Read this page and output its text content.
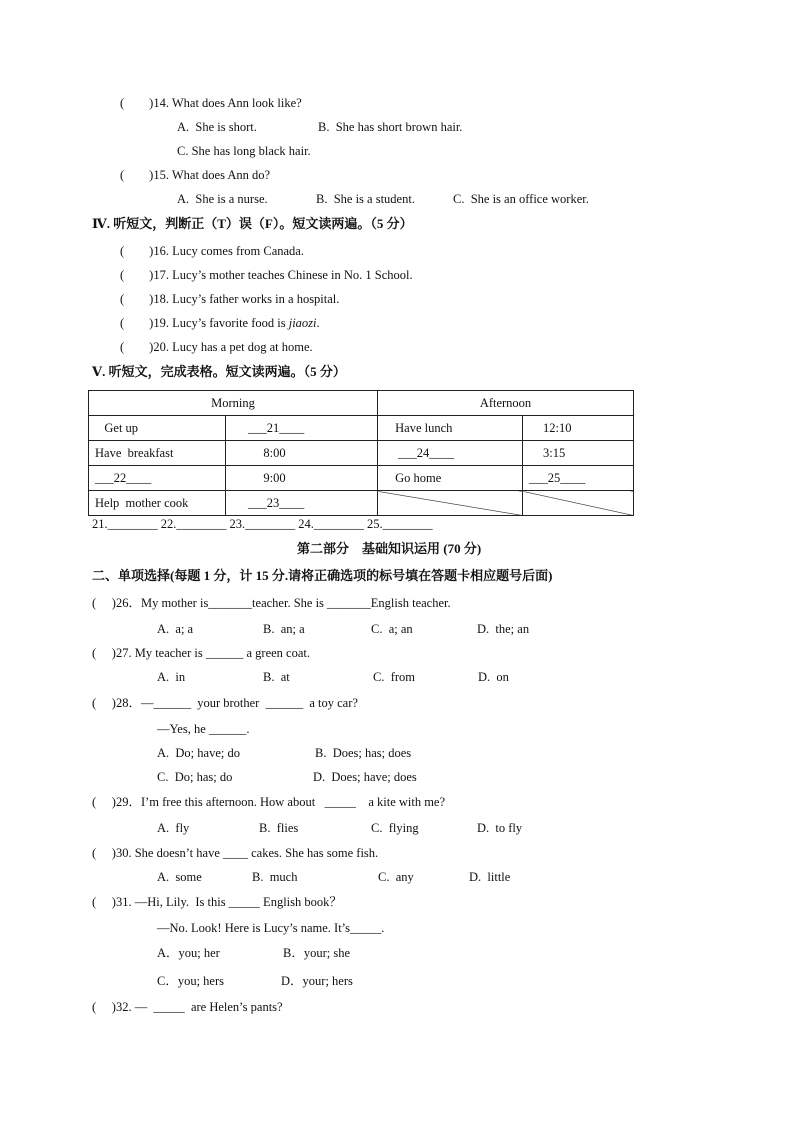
(        )14. What does Ann look like?
A.  She is short.	B.  She has short brown hair.
C. She has long black hair.
(        )15. What does Ann do?
A.  She is a nurse.	B.  She is a student.	C.  She is an office worker.
Ⅳ. 听短文，判断正（T）误（F）。短文读两遍。（5 分）
(        )16. Lucy comes from Canada.
(        )17. Lucy’s mother teaches Chinese in No. 1 School.
(        )18. Lucy’s father works in a hospital.
(        )19. Lucy’s favorite food is jiaozi.
(        )20. Lucy has a pet dog at home.
Ⅴ. 听短文，完成表格。短文读两遍。（5 分）
Morning		Afternoon	
Get up	___21____	Have lunch	12:10
Have  breakfast	8:00	___24____	3:15
___22____	9:00	Go home	___25____
Help  mother cook	___23____		
21.________ 22.________ 23.________ 24.________ 25.________
第二部分    基础知识运用 (70 分)
二、单项选择(每题 1 分，计 15 分.请将正确选项的标号填在答题卡相应题号后面)
(     )26．My mother is_______teacher. She is _______English teacher.
A.  a; a	B.  an; a	C.  a; an	D.  the; an
(     )27. My teacher is ______ a green coat.
A.  in	B.  at	C.  from	D.  on
(     )28．—______  your brother  ______  a toy car?
—Yes, he ______.
A.  Do; have; do	B.  Does; has; does
C.  Do; has; do	D.  Does; have; does
(     )29．I’m free this afternoon. How about   _____    a kite with me?
A.  fly	B.  flies	C.  flying	D.  to fly
(     )30. She doesn’t have ____ cakes. She has some fish.
A.  some	B.  much	C.  any	D.  little
(     )31. —Hi, Lily.  Is this _____ English book？
—No. Look! Here is Lucy’s name. It’s_____.
A．you; her	B．your; she
C．you; hers	D．your; hers
(     )32. —  _____  are Helen’s pants?
